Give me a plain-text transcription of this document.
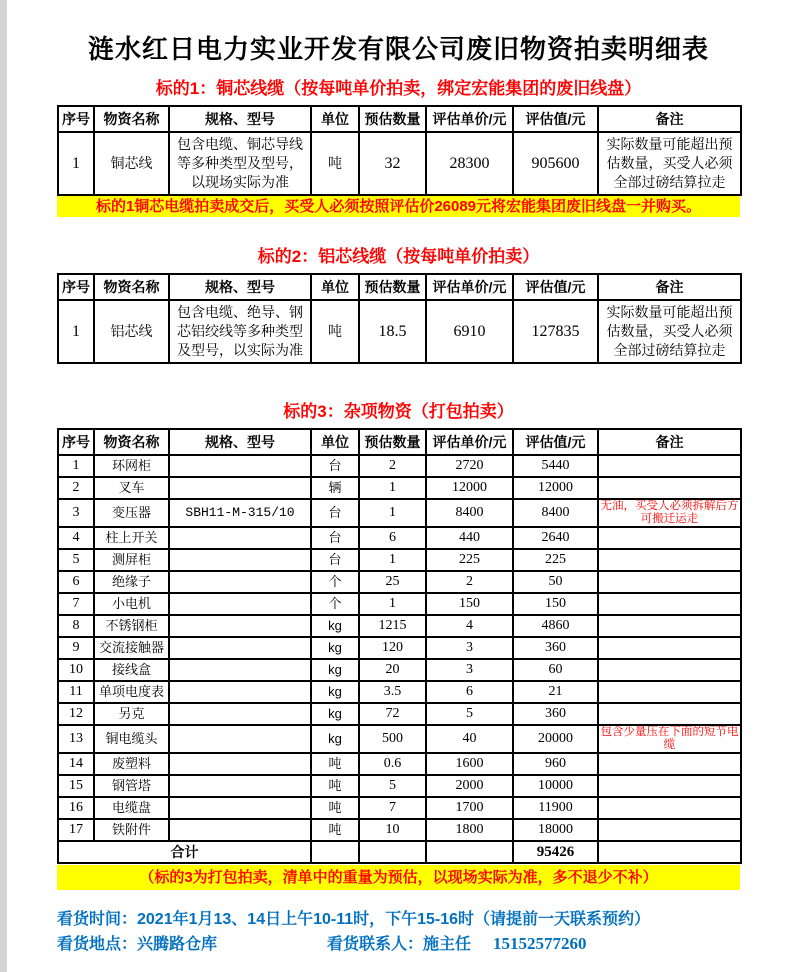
涟水红日电力实业开发有限公司废旧物资拍卖明细表
标的1：铜芯线缆（按每吨单价拍卖，绑定宏能集团的废旧线盘）
序号	物资名称	规格、型号	单位	预估数量	评估单价/元	评估值/元	备注
1	铜芯线	包含电缆、铜芯导线等多种类型及型号，以现场实际为准	吨	32	28300	905600	实际数量可能超出预估数量，买受人必须全部过磅结算拉走
标的1铜芯电缆拍卖成交后，买受人必须按照评估价26089元将宏能集团废旧线盘一并购买。
标的2：铝芯线缆（按每吨单价拍卖）
序号	物资名称	规格、型号	单位	预估数量	评估单价/元	评估值/元	备注
1	铝芯线	包含电缆、绝导、钢芯铝绞线等多种类型及型号，以实际为准	吨	18.5	6910	127835	实际数量可能超出预估数量，买受人必须全部过磅结算拉走
标的3：杂项物资（打包拍卖）
序号	物资名称	规格、型号	单位	预估数量	评估单价/元	评估值/元	备注
1	环网柜		台	2	2720	5440	
2	叉车		辆	1	12000	12000	
3	变压器	SBH11-M-315/10	台	1	8400	8400	无油，买受人必须拆解后方可搬迁运走
4	柱上开关		台	6	440	2640	
5	测屏柜		台	1	225	225	
6	绝缘子		个	25	2	50	
7	小电机		个	1	150	150	
8	不锈钢柜		kg	1215	4	4860	
9	交流接触器		kg	120	3	360	
10	接线盒		kg	20	3	60	
11	单项电度表		kg	3.5	6	21	
12	另克		kg	72	5	360	
13	铜电缆头		kg	500	40	20000	包含少量压在下面的短节电缆
14	废塑料		吨	0.6	1600	960	
15	钢管塔		吨	5	2000	10000	
16	电缆盘		吨	7	1700	11900	
17	铁附件		吨	10	1800	18000	
合计						95426	
（标的3为打包拍卖，清单中的重量为预估，以现场实际为准，多不退少不补）
看货时间：2021年1月13、14日上午10-11时，下午15-16时（请提前一天联系预约）
看货地点：兴腾路仓库	看货联系人：施主任 15152577260
